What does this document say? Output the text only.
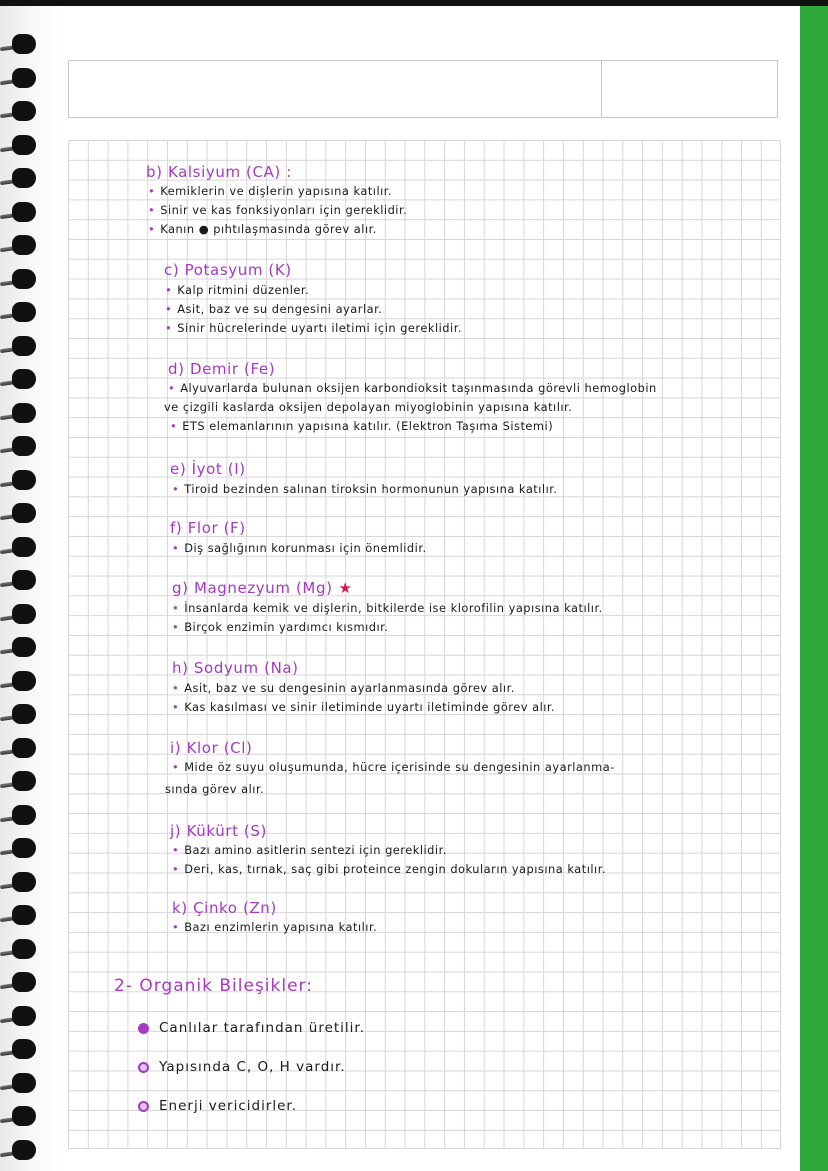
b) Kalsiyum (CA) :
• Kemiklerin ve dişlerin yapısına katılır.
• Sinir ve kas fonksiyonları için gereklidir.
• Kanın ● pıhtılaşmasında görev alır.
c) Potasyum (K)
• Kalp ritmini düzenler.
• Asit, baz ve su dengesini ayarlar.
• Sinir hücrelerinde uyartı iletimi için gereklidir.
d) Demir (Fe)
• Alyuvarlarda bulunan oksijen karbondioksit taşınmasında görevli hemoglobin
ve çizgili kaslarda oksijen depolayan miyoglobinin yapısına katılır.
• ETS elemanlarının yapısına katılır. (Elektron Taşıma Sistemi)
e) İyot (I)
• Tiroid bezinden salınan tiroksin hormonunun yapısına katılır.
f) Flor (F)
• Diş sağlığının korunması için önemlidir.
g) Magnezyum (Mg) ★
• İnsanlarda kemik ve dişlerin, bitkilerde ise klorofilin yapısına katılır.
• Birçok enzimin yardımcı kısmıdır.
h) Sodyum (Na)
• Asit, baz ve su dengesinin ayarlanmasında görev alır.
• Kas kasılması ve sinir iletiminde uyartı iletiminde görev alır.
i) Klor (Cl)
• Mide öz suyu oluşumunda, hücre içerisinde su dengesinin ayarlanma-
sında görev alır.
j) Kükürt (S)
• Bazı amino asitlerin sentezi için gereklidir.
• Deri, kas, tırnak, saç gibi proteince zengin dokuların yapısına katılır.
k) Çinko (Zn)
• Bazı enzimlerin yapısına katılır.
2- Organik Bileşikler:
Canlılar tarafından üretilir.
Yapısında C, O, H vardır.
Enerji vericidirler.
